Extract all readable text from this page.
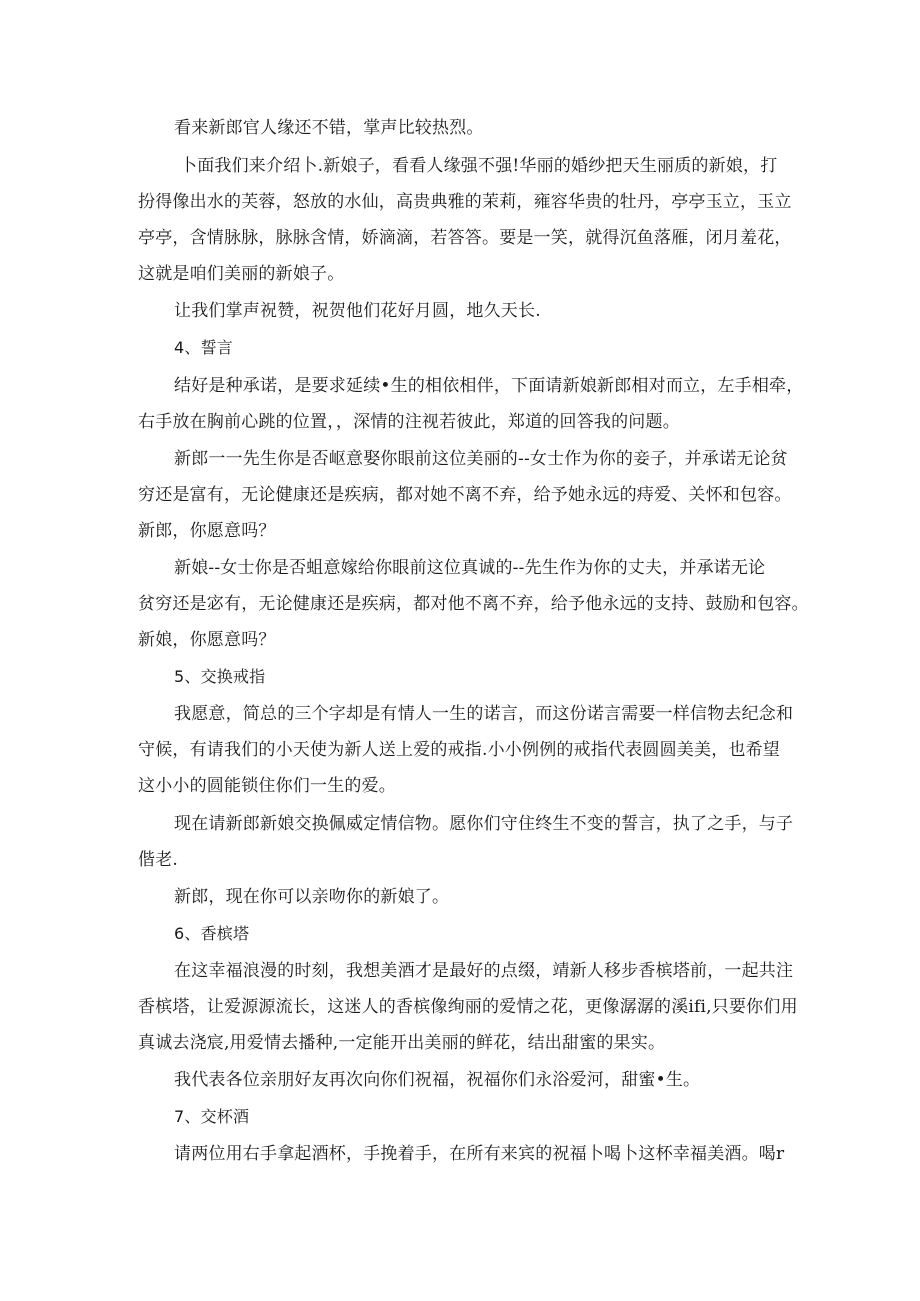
看来新郎官人缘还不错，掌声比较热烈。
卜面我们来介绍卜.新娘子，看看人缘强不强!华丽的婚纱把天生丽质的新娘，打
扮得像出水的芙蓉，怒放的水仙，高贵典雅的茉莉，雍容华贵的牡丹，亭亭玉立，玉立
亭亭，含情脉脉，脉脉含情，娇滴滴，若答答。要是一笑，就得沉鱼落雁，闭月羞花，
这就是咱们美丽的新娘子。
让我们掌声祝赞，祝贺他们花好月圆，地久天长.
4、誓言
结好是种承诺，是要求延续•生的相依相伴，下面请新娘新郎相对而立，左手相牵，
右手放在胸前心跳的位置，，深情的注视若彼此，郑道的回答我的问题。
新郎一一先生你是否岖意娶你眼前这位美丽的--女士作为你的妾子，并承诺无论贫
穷还是富有，无论健康还是疾病，都对她不离不弃，给予她永远的痔爱、关怀和包容。
新郎，你愿意吗？
新娘--女士你是否蛆意嫁给你眼前这位真诚的--先生作为你的丈夫，并承诺无论
贫穷还是宓有，无论健康还是疾病，都对他不离不弃，给予他永远的支持、鼓励和包容。
新娘，你愿意吗？
5、交换戒指
我愿意，简总的三个字却是有情人一生的诺言，而这份诺言需要一样信物去纪念和
守候，有请我们的小天使为新人送上爱的戒指.小小例例的戒指代表圆圆美美，也希望
这小小的圆能锁住你们一生的爱。
现在请新郎新娘交换佩威定情信物。愿你们守住终生不变的誓言，执了之手，与子
偕老.
新郎，现在你可以亲吻你的新娘了。
6、香槟塔
在这幸福浪漫的时刻，我想美酒才是最好的点缀，靖新人移步香槟塔前，一起共注
香槟塔，让爱源源流长，这迷人的香槟像绚丽的爱情之花，更像潺潺的溪ifi,只要你们用
真诚去浇宸,用爱情去播种,一定能开出美丽的鲜花，结出甜蜜的果实。
我代表各位亲朋好友再次向你们祝福，祝福你们永浴爱河，甜蜜•生。
7、交杯酒
请两位用右手拿起酒杯，手挽着手，在所有来宾的祝福卜喝卜这杯幸福美酒。喝r
